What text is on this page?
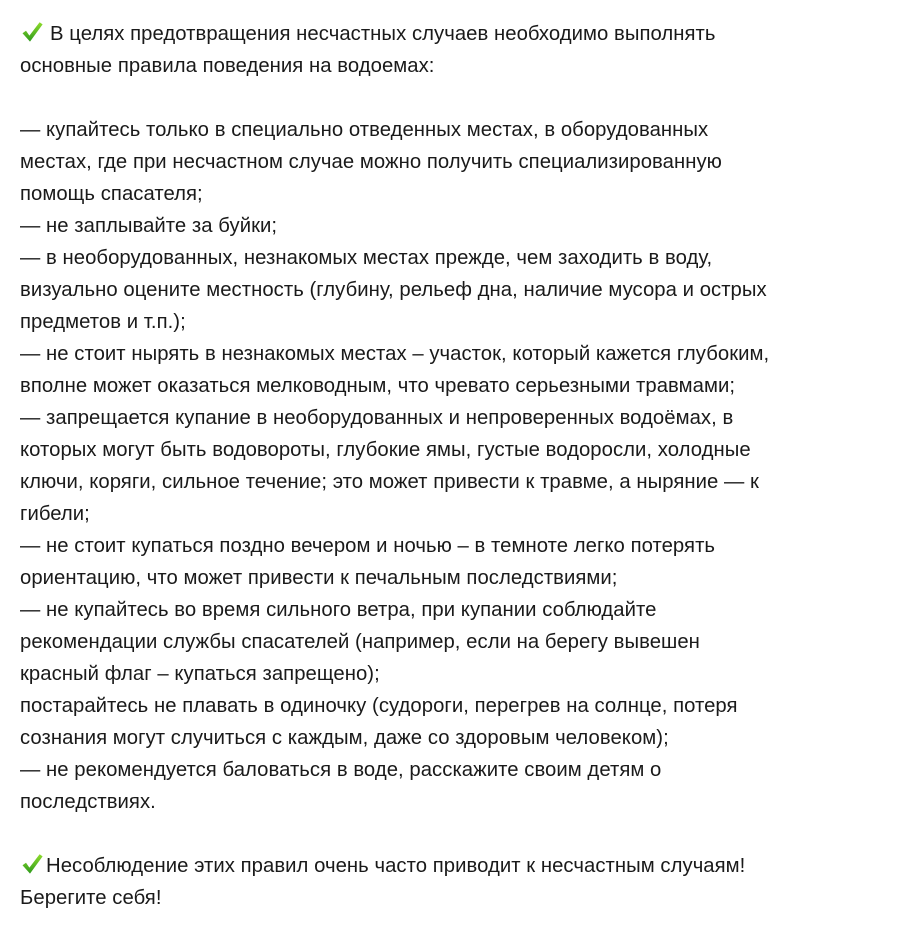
В целях предотвращения несчастных случаев необходимо выполнять
основные правила поведения на водоемах:
— купайтесь только в специально отведенных местах, в оборудованных
местах, где при несчастном случае можно получить специализированную
помощь спасателя;
— не заплывайте за буйки;
— в необорудованных, незнакомых местах прежде, чем заходить в воду,
визуально оцените местность (глубину, рельеф дна, наличие мусора и острых
предметов и т.п.);
— не стоит нырять в незнакомых местах – участок, который кажется глубоким,
вполне может оказаться мелководным, что чревато серьезными травмами;
— запрещается купание в необорудованных и непроверенных водоёмах, в
которых могут быть водовороты, глубокие ямы, густые водоросли, холодные
ключи, коряги, сильное течение; это может привести к травме, а ныряние — к
гибели;
— не стоит купаться поздно вечером и ночью – в темноте легко потерять
ориентацию, что может привести к печальным последствиями;
— не купайтесь во время сильного ветра, при купании соблюдайте
рекомендации службы спасателей (например, если на берегу вывешен
красный флаг – купаться запрещено);
постарайтесь не плавать в одиночку (судороги, перегрев на солнце, потеря
сознания могут случиться с каждым, даже со здоровым человеком);
— не рекомендуется баловаться в воде, расскажите своим детям о
последствиях.
Несоблюдение этих правил очень часто приводит к несчастным случаям!
Берегите себя!
